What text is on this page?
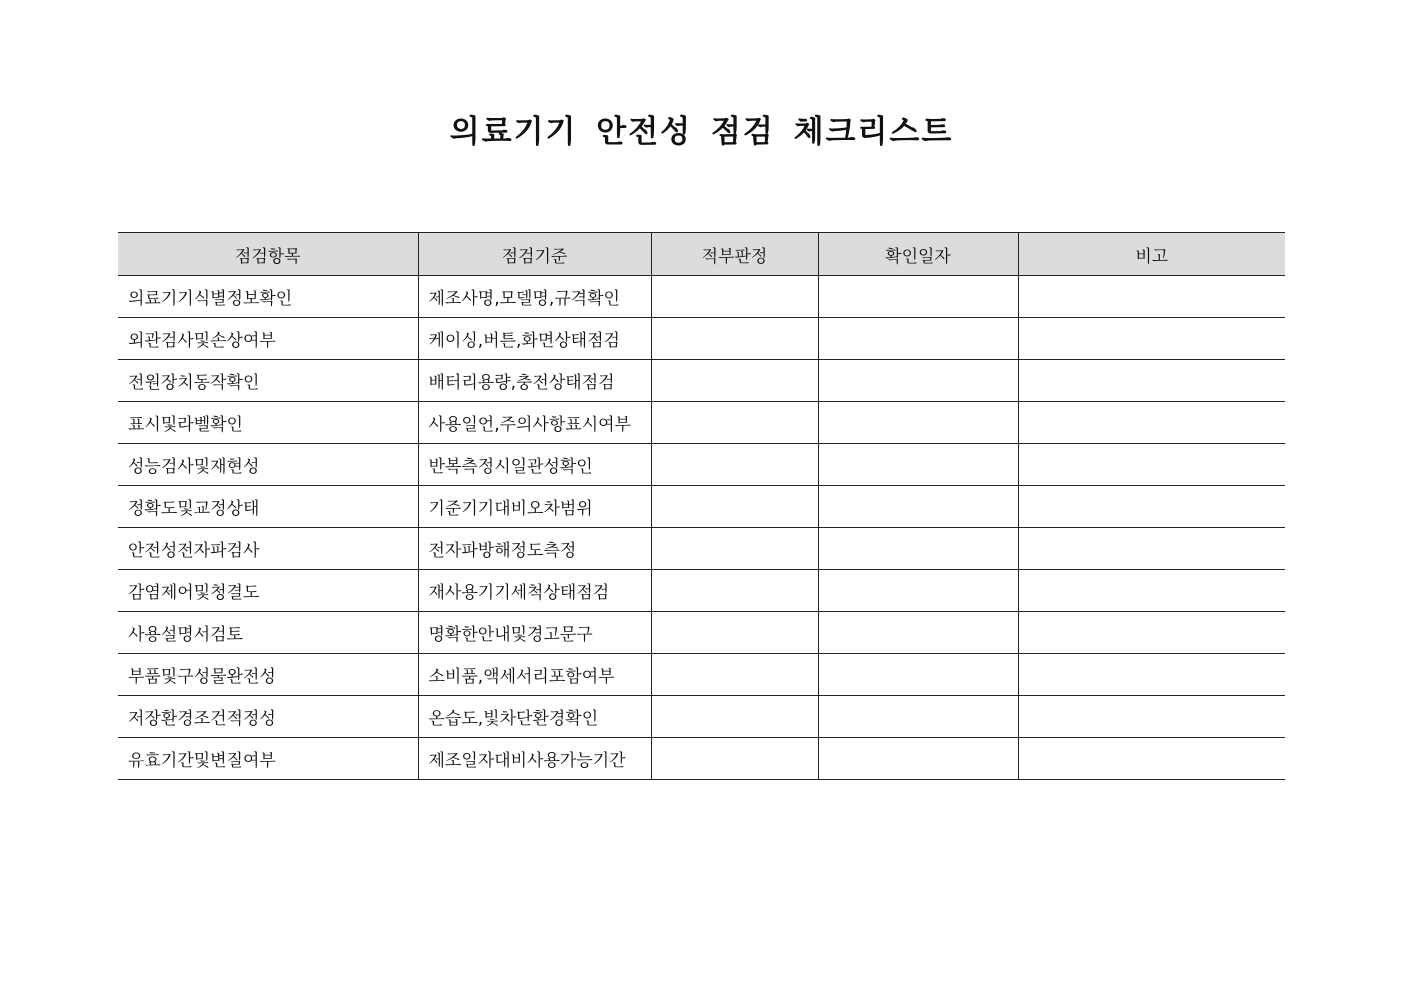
의료기기 안전성 점검 체크리스트
점검항목	점검기준	적부판정	확인일자	비고
의료기기식별정보확인	제조사명,모델명,규격확인			
외관검사및손상여부	케이싱,버튼,화면상태점검			
전원장치동작확인	배터리용량,충전상태점검			
표시및라벨확인	사용일언,주의사항표시여부			
성능검사및재현성	반복측정시일관성확인			
정확도및교정상태	기준기기대비오차범위			
안전성전자파검사	전자파방해정도측정			
감염제어및청결도	재사용기기세척상태점검			
사용설명서검토	명확한안내및경고문구			
부품및구성물완전성	소비품,액세서리포함여부			
저장환경조건적정성	온습도,빛차단환경확인			
유효기간및변질여부	제조일자대비사용가능기간			
